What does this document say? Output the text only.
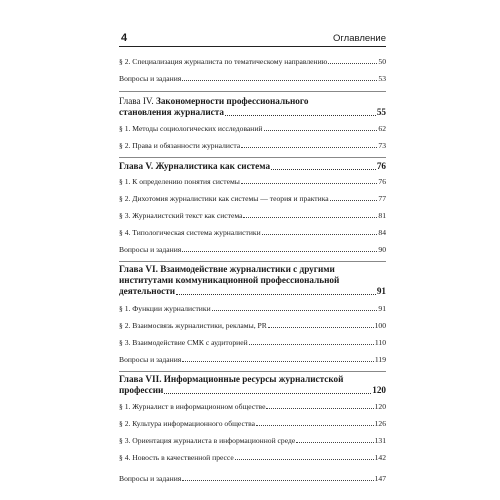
4	Оглавление
§ 2. Специализация журналиста по тематическому направлению	50
Вопросы и задания	53
Глава IV. Закономерности профессионального
становления журналиста	55
§ 1. Методы социологических исследований	62
§ 2. Права и обязанности журналиста	73
Глава V. Журналистика как система	76
§ 1. К определению понятия системы	76
§ 2. Дихотомия журналистики как системы — теория и практика	77
§ 3. Журналистский текст как система	81
§ 4. Типологическая система журналистики	84
Вопросы и задания	90
Глава VI. Взаимодействие журналистики с другими
институтами коммуникационной профессиональной
деятельности	91
§ 1. Функции журналистики	91
§ 2. Взаимосвязь журналистики, рекламы, PR	100
§ 3. Взаимодействие СМК с аудиторией	110
Вопросы и задания	119
Глава VII. Информационные ресурсы журналистской
профессии	120
§ 1. Журналист в информационном обществе	120
§ 2. Культура информационного общества	126
§ 3. Ориентация журналиста в информационной среде	131
§ 4. Новость в качественной прессе	142
Вопросы и задания	147
